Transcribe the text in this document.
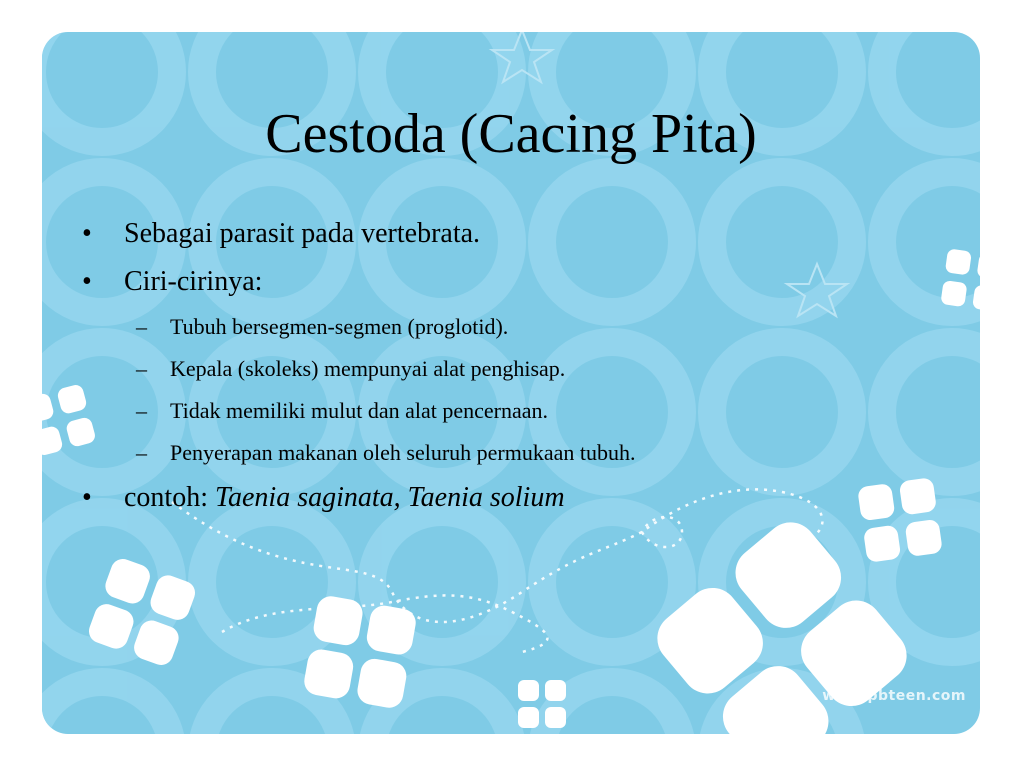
Cestoda (Cacing Pita)
• Sebagai parasit pada vertebrata.
• Ciri-cirinya:
– Tubuh bersegmen-segmen (proglotid).
– Kepala (skoleks) mempunyai alat penghisap.
– Tidak memiliki mulut dan alat pencernaan.
– Penyerapan makanan oleh seluruh permukaan tubuh.
• contoh: Taenia saginata, Taenia solium
www.pbteen.com
